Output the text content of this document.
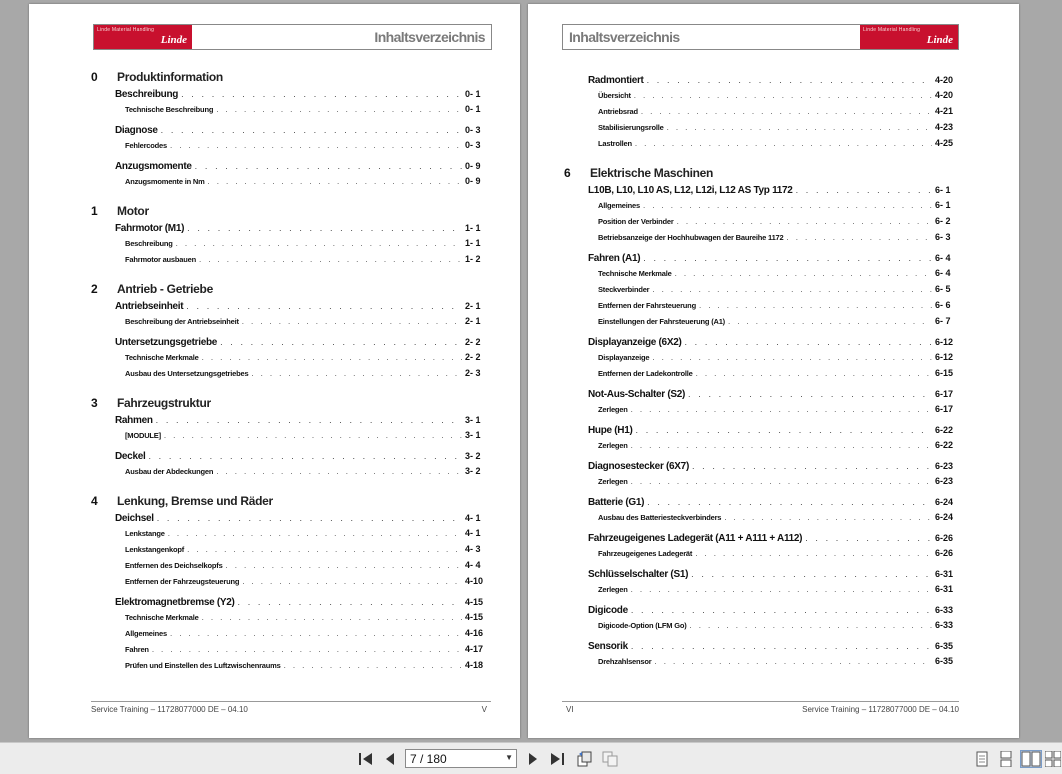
Linde Material Handling
Linde	Inhaltsverzeichnis
0	Produktinformation
Beschreibung . . .	0- 1
Technische Beschreibung . . .	0- 1
Diagnose . . .	0- 3
Fehlercodes . . .	0- 3
Anzugsmomente . . .	0- 9
Anzugsmomente in Nm . . .	0- 9
1	Motor
Fahrmotor (M1) . . .	1- 1
Beschreibung . . .	1- 1
Fahrmotor ausbauen . . .	1- 2
2	Antrieb - Getriebe
Antriebseinheit . . .	2- 1
Beschreibung der Antriebseinheit . . .	2- 1
Untersetzungsgetriebe . . .	2- 2
Technische Merkmale . . .	2- 2
Ausbau des Untersetzungsgetriebes . . .	2- 3
3	Fahrzeugstruktur
Rahmen . . .	3- 1
[MODULE] . . .	3- 1
Deckel . . .	3- 2
Ausbau der Abdeckungen . . .	3- 2
4	Lenkung, Bremse und Räder
Deichsel . . .	4- 1
Lenkstange . . .	4- 1
Lenkstangenkopf . . .	4- 3
Entfernen des Deichselkopfs . . .	4- 4
Entfernen der Fahrzeugsteuerung . . .	4-10
Elektromagnetbremse (Y2) . . .	4-15
Technische Merkmale . . .	4-15
Allgemeines . . .	4-16
Fahren . . .	4-17
Prüfen und Einstellen des Luftzwischenraums . . .	4-18
Service Training – 11728077000 DE – 04.10	V
Inhaltsverzeichnis	Linde Material Handling
Linde
Radmontiert . . .	4-20
Übersicht . . .	4-20
Antriebsrad . . .	4-21
Stabilisierungsrolle . . .	4-23
Lastrollen . . .	4-25
6	Elektrische Maschinen
L10B, L10, L10 AS, L12, L12i, L12 AS Typ 1172 . . .	6- 1
Allgemeines . . .	6- 1
Position der Verbinder . . .	6- 2
Betriebsanzeige der Hochhubwagen der Baureihe 1172 . . .	6- 3
Fahren (A1) . . .	6- 4
Technische Merkmale . . .	6- 4
Steckverbinder . . .	6- 5
Entfernen der Fahrsteuerung . . .	6- 6
Einstellungen der Fahrsteuerung (A1) . . .	6- 7
Displayanzeige (6X2) . . .	6-12
Displayanzeige . . .	6-12
Entfernen der Ladekontrolle . . .	6-15
Not-Aus-Schalter (S2) . . .	6-17
Zerlegen . . .	6-17
Hupe (H1) . . .	6-22
Zerlegen . . .	6-22
Diagnosestecker (6X7) . . .	6-23
Zerlegen . . .	6-23
Batterie (G1) . . .	6-24
Ausbau des Batteriesteckverbinders . . .	6-24
Fahrzeugeigenes Ladegerät (A11 + A111 + A112) . . .	6-26
Fahrzeugeigenes Ladegerät . . .	6-26
Schlüsselschalter (S1) . . .	6-31
Zerlegen . . .	6-31
Digicode . . .	6-33
Digicode-Option (LFM Go) . . .	6-33
Sensorik . . .	6-35
Drehzahlsensor . . .	6-35
VI	Service Training – 11728077000 DE – 04.10
7 / 180	▼
